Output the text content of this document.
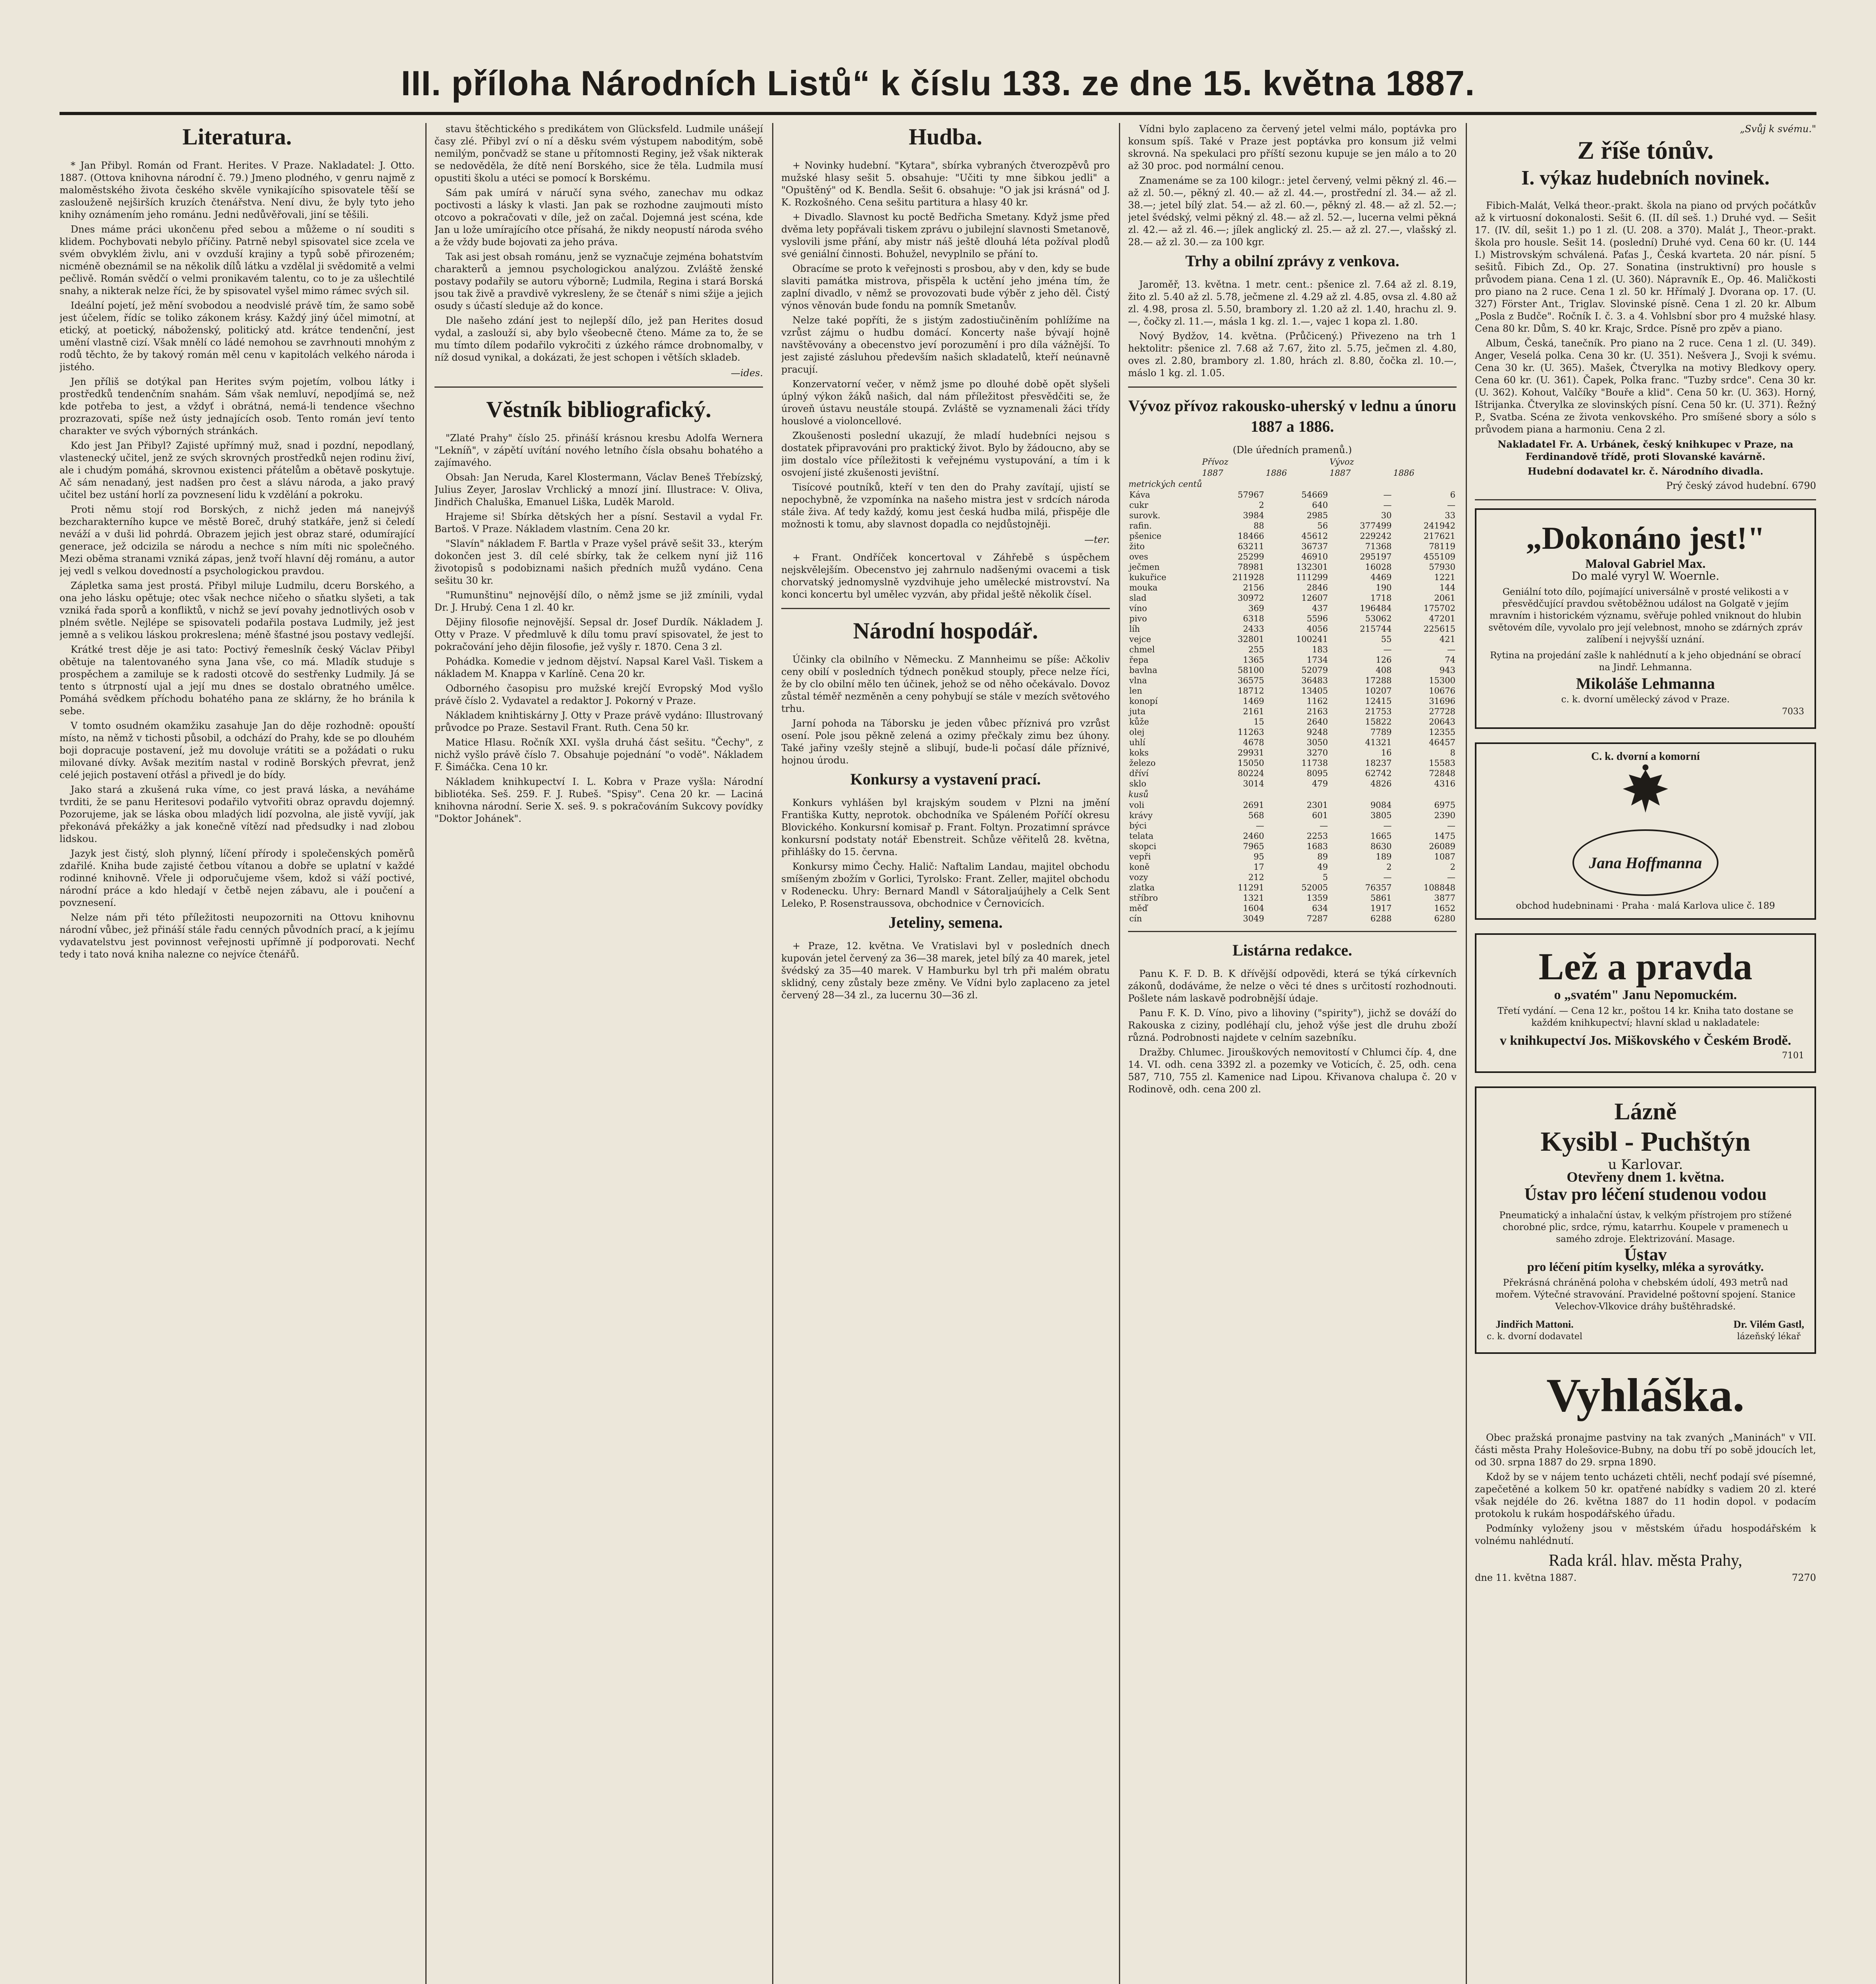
III. příloha Národních Listů“ k číslu 133. ze dne 15. května 1887.
Literatura.

* Jan Přibyl. Román od Frant. Herites. V Praze. Nakladatel: J. Otto. 1887. (Ottova knihovna národní č. 79.) Jmeno plodného, v genru najmě z maloměstského života českého skvěle vynikajícího spisovatele těší se zaslouženě nejširších kruzích čtenářstva. Není divu, že byly tyto jeho knihy oznámením jeho románu. Jedni nedůvěřovali, jiní se těšili.

Dnes máme práci ukončenu před sebou a můžeme o ní souditi s klidem. Pochybovati nebylo příčiny. Patrně nebyl spisovatel sice zcela ve svém obvyklém živlu, ani v ovzduší krajiny a typů sobě přirozeném; nicméně obeznámil se na několik dílů látku a vzdělal ji svědomitě a velmi pečlivě. Román svědčí o velmi pronikavém talentu, co to je za ušlechtilé snahy, a nikterak nelze říci, že by spisovatel vyšel mimo rámec svých sil.

Ideální pojetí, jež mění svobodou a neodvislé právě tím, že samo sobě jest účelem, řídíc se toliko zákonem krásy. Každý jiný účel mimotní, at etický, at poetický, náboženský, politický atd. krátce tendenční, jest umění vlastně cizí. Však mnělí co ládé nemohou se zavrhnouti mnohým z rodů těchto, že by takový román měl cenu v kapitolách velkého národa i jistého.

Jen příliš se dotýkal pan Herites svým pojetím, volbou látky i prostředků tendenčním snahám. Sám však nemluví, nepodjímá se, než kde potřeba to jest, a vždyť i obrátná, nemá-li tendence všechno prozrazovati, spíše než ústy jednajících osob. Tento román jeví tento charakter ve svých výborných stránkách.

Kdo jest Jan Přibyl? Zajisté upřímný muž, snad i pozdní, nepodlaný, vlastenecký učitel, jenž ze svých skrovných prostředků nejen rodinu živí, ale i chudým pomáhá, skrovnou existenci přátelům a obětavě poskytuje. Ač sám nenadaný, jest nadšen pro čest a slávu národa, a jako pravý učitel bez ustání horlí za povznesení lidu k vzdělání a pokroku.

Proti němu stojí rod Borských, z nichž jeden má nanejvýš bezcharakterního kupce ve městě Boreč, druhý statkáře, jenž si čeledí neváží a v duši lid pohrdá. Obrazem jejich jest obraz staré, odumírající generace, jež odcizila se národu a nechce s ním míti nic společného. Mezi oběma stranami vzniká zápas, jenž tvoří hlavní děj románu, a autor jej vedl s velkou dovedností a psychologickou pravdou.

Zápletka sama jest prostá. Přibyl miluje Ludmilu, dceru Borského, a ona jeho lásku opětuje; otec však nechce ničeho o sňatku slyšeti, a tak vzniká řada sporů a konfliktů, v nichž se jeví povahy jednotlivých osob v plném světle. Nejlépe se spisovateli podařila postava Ludmily, jež jest jemně a s velikou láskou prokreslena; méně šťastné jsou postavy vedlejší.

Krátké trest děje je asi tato: Poctivý řemeslník český Václav Přibyl obětuje na talentovaného syna Jana vše, co má. Mladík studuje s prospěchem a zamiluje se k radosti otcově do sestřenky Ludmily. Já se tento s útrpností ujal a její mu dnes se dostalo obratného umělce. Pomáhá svědkem příchodu bohatého pana ze sklárny, že ho bránila k sebe.

V tomto osudném okamžiku zasahuje Jan do děje rozhodně: opouští místo, na němž v tichosti působil, a odchází do Prahy, kde se po dlouhém boji dopracuje postavení, jež mu dovoluje vrátiti se a požádati o ruku milované dívky. Avšak mezitím nastal v rodině Borských převrat, jenž celé jejich postavení otřásl a přivedl je do bídy.

Jako stará a zkušená ruka víme, co jest pravá láska, a neváháme tvrditi, že se panu Heritesovi podařilo vytvořiti obraz opravdu dojemný. Pozorujeme, jak se láska obou mladých lidí pozvolna, ale jistě vyvíjí, jak překonává překážky a jak konečně vítězí nad předsudky i nad zlobou lidskou.

Jazyk jest čistý, sloh plynný, líčení přírody i společenských poměrů zdařilé. Kniha bude zajisté četbou vítanou a dobře se uplatní v každé rodinné knihovně. Vřele ji odporučujeme všem, kdož si váží poctivé, národní práce a kdo hledají v četbě nejen zábavu, ale i poučení a povznesení.

Nelze nám při této příležitosti neupozorniti na Ottovu knihovnu národní vůbec, jež přináší stále řadu cenných původních prací, a k jejímu vydavatelstvu jest povinnost veřejnosti upřímně jí podporovati. Nechť tedy i tato nová kniha nalezne co nejvíce čtenářů.

stavu štěchtického s predikátem von Glücksfeld. Ludmile unášejí časy zlé. Přibyl zví o ní a děsku svém výstupem naboditým, sobě nemilým, pončvadž se stane u přítomnosti Reginy, jež však nikterak se nedověděla, že dítě není Borského, sice že těla. Ludmila musí opustiti školu a utéci se pomocí k Borskému.

Sám pak umírá v náručí syna svého, zanechav mu odkaz poctivosti a lásky k vlasti. Jan pak se rozhodne zaujmouti místo otcovo a pokračovati v díle, jež on začal. Dojemná jest scéna, kde Jan u lože umírajícího otce přísahá, že nikdy neopustí národa svého a že vždy bude bojovati za jeho práva.

Tak asi jest obsah románu, jenž se vyznačuje zejména bohatstvím charakterů a jemnou psychologickou analýzou. Zvláště ženské postavy podařily se autoru výborně; Ludmila, Regina i stará Borská jsou tak živě a pravdivě vykresleny, že se čtenář s nimi sžije a jejich osudy s účastí sleduje až do konce.

Dle našeho zdání jest to nejlepší dílo, jež pan Herites dosud vydal, a zaslouží si, aby bylo všeobecně čteno. Máme za to, že se mu tímto dílem podařilo vykročiti z úzkého rámce drobnomalby, v níž dosud vynikal, a dokázati, že jest schopen i větších skladeb.

—ides.
Věstník bibliografický.

"Zlaté Prahy" číslo 25. přináší krásnou kresbu Adolfa Wernera "Lekníň", v zápětí uvítání nového letního čísla obsahu bohatého a zajímavého.

Obsah: Jan Neruda, Karel Klostermann, Václav Beneš Třebízský, Julius Zeyer, Jaroslav Vrchlický a mnozí jiní. Illustrace: V. Oliva, Jindřich Chaluška, Emanuel Liška, Luděk Marold.

Hrajeme si! Sbírka dětských her a písní. Sestavil a vydal Fr. Bartoš. V Praze. Nákladem vlastním. Cena 20 kr.

"Slavín" nákladem F. Bartla v Praze vyšel právě sešit 33., kterým dokončen jest 3. díl celé sbírky, tak že celkem nyní již 116 životopisů s podobiznami našich předních mužů vydáno. Cena sešitu 30 kr.

"Rumunštinu" nejnovější dílo, o němž jsme se již zmínili, vydal Dr. J. Hrubý. Cena 1 zl. 40 kr.

Dějiny filosofie nejnovější. Sepsal dr. Josef Durdík. Nákladem J. Otty v Praze. V předmluvě k dílu tomu praví spisovatel, že jest to pokračování jeho dějin filosofie, jež vyšly r. 1870. Cena 3 zl.

Pohádka. Komedie v jednom dějství. Napsal Karel Vašl. Tiskem a nákladem M. Knappa v Karlíně. Cena 20 kr.

Odborného časopisu pro mužské krejčí Evropský Mod vyšlo právě číslo 2. Vydavatel a redaktor J. Pokorný v Praze.

Nákladem knihtiskárny J. Otty v Praze právě vydáno: Illustrovaný průvodce po Praze. Sestavil Frant. Ruth. Cena 50 kr.

Matice Hlasu. Ročník XXI. vyšla druhá část sešitu. "Čechy", z nichž vyšlo právě číslo 7. Obsahuje pojednání "o vodě". Nákladem F. Šimáčka. Cena 10 kr.

Nákladem knihkupectví I. L. Kobra v Praze vyšla: Národní bibliotéka. Seš. 259. F. J. Rubeš. "Spisy". Cena 20 kr. — Laciná knihovna národní. Serie X. seš. 9. s pokračováním Sukcovy povídky "Doktor Johánek".

Hudba.

+ Novinky hudební. "Kytara", sbírka vybraných čtverozpěvů pro mužské hlasy sešit 5. obsahuje: "Učiti ty mne šibkou jedli" a "Opuštěný" od K. Bendla. Sešit 6. obsahuje: "O jak jsi krásná" od J. K. Rozkošného. Cena sešitu partitura a hlasy 40 kr.

+ Divadlo. Slavnost ku poctě Bedřicha Smetany. Když jsme před dvěma lety popřávali tiskem zprávu o jubilejní slavnosti Smetanově, vyslovili jsme přání, aby mistr náš ještě dlouhá léta požíval plodů své geniální činnosti. Bohužel, nevyplnilo se přání to.

Obracíme se proto k veřejnosti s prosbou, aby v den, kdy se bude slaviti památka mistrova, přispěla k uctění jeho jména tím, že zaplní divadlo, v němž se provozovati bude výběr z jeho děl. Čistý výnos věnován bude fondu na pomník Smetanův.

Nelze také popříti, že s jistým zadostiučiněním pohlížíme na vzrůst zájmu o hudbu domácí. Koncerty naše bývají hojně navštěvovány a obecenstvo jeví porozumění i pro díla vážnější. To jest zajisté zásluhou především našich skladatelů, kteří neúnavně pracují.

Konzervatorní večer, v němž jsme po dlouhé době opět slyšeli úplný výkon žáků našich, dal nám příležitost přesvědčiti se, že úroveň ústavu neustále stoupá. Zvláště se vyznamenali žáci třídy houslové a violoncellové.

Zkoušenosti poslední ukazují, že mladí hudebníci nejsou s dostatek připravováni pro praktický život. Bylo by žádoucno, aby se jim dostalo více příležitosti k veřejnému vystupování, a tím i k osvojení jisté zkušenosti jevištní.

Tisícové poutníků, kteří v ten den do Prahy zavítají, ujistí se nepochybně, že vzpomínka na našeho mistra jest v srdcích národa stále živa. Ať tedy každý, komu jest česká hudba milá, přispěje dle možnosti k tomu, aby slavnost dopadla co nejdůstojněji.

—ter.

+ Frant. Ondříček koncertoval v Záhřebě s úspěchem nejskvělejším. Obecenstvo jej zahrnulo nadšenými ovacemi a tisk chorvatský jednomyslně vyzdvihuje jeho umělecké mistrovství. Na konci koncertu byl umělec vyzván, aby přidal ještě několik čísel.

Národní hospodář.

Účinky cla obilního v Německu. Z Mannheimu se píše: Ačkoliv ceny obilí v posledních týdnech poněkud stouply, přece nelze říci, že by clo obilní mělo ten účinek, jehož se od něho očekávalo. Dovoz zůstal téměř nezměněn a ceny pohybují se stále v mezích světového trhu.

Jarní pohoda na Táborsku je jeden vůbec příznivá pro vzrůst osení. Pole jsou pěkně zelená a ozimy přečkaly zimu bez úhony. Také jařiny vzešly stejně a slibují, bude-li počasí dále příznivé, hojnou úrodu.

Konkursy a vystavení prací.

Konkurs vyhlášen byl krajským soudem v Plzni na jmění Františka Kutty, neprotok. obchodníka ve Spáleném Poříčí okresu Blovického. Konkursní komisař p. Frant. Foltyn. Prozatimní správce konkursní podstaty notář Ebenstreit. Schůze věřitelů 28. května, přihlášky do 15. června.

Konkursy mimo Čechy. Halič: Naftalim Landau, majitel obchodu smíšeným zbožím v Gorlici, Tyrolsko: Frant. Zeller, majitel obchodu v Rodenecku. Uhry: Bernard Mandl v Sátoraljaújhely a Celk Sent Leleko, P. Rosenstraussova, obchodnice v Černovicích.

Jeteliny, semena.

+ Praze, 12. května. Ve Vratislavi byl v posledních dnech kupován jetel červený za 36—38 marek, jetel bílý za 40 marek, jetel švédský za 35—40 marek. V Hamburku byl trh při malém obratu sklidný, ceny zůstaly beze změny. Ve Vídni bylo zaplaceno za jetel červený 28—34 zl., za lucernu 30—36 zl.

Vídni bylo zaplaceno za červený jetel velmi málo, poptávka pro konsum spíš. Také v Praze jest poptávka pro konsum již velmi skrovná. Na spekulaci pro příští sezonu kupuje se jen málo a to 20 až 30 proc. pod normální cenou.

Znamenáme se za 100 kilogr.: jetel červený, velmi pěkný zl. 46.— až zl. 50.—, pěkný zl. 40.— až zl. 44.—, prostřední zl. 34.— až zl. 38.—; jetel bílý zlat. 54.— až zl. 60.—, pěkný zl. 48.— až zl. 52.—; jetel švédský, velmi pěkný zl. 48.— až zl. 52.—, lucerna velmi pěkná zl. 42.— až zl. 46.—; jílek anglický zl. 25.— až zl. 27.—, vlašský zl. 28.— až zl. 30.— za 100 kgr.

Trhy a obilní zprávy z venkova.

Jaroměř, 13. května. 1 metr. cent.: pšenice zl. 7.64 až zl. 8.19, žito zl. 5.40 až zl. 5.78, ječmene zl. 4.29 až zl. 4.85, ovsa zl. 4.80 až zl. 4.98, prosa zl. 5.50, brambory zl. 1.20 až zl. 1.40, hrachu zl. 9.—, čočky zl. 11.—, másla 1 kg. zl. 1.—, vajec 1 kopa zl. 1.80.

Nový Bydžov, 14. května. (Průčicený.) Přivezeno na trh 1 hektolitr: pšenice zl. 7.68 až 7.67, žito zl. 5.75, ječmen zl. 4.80, oves zl. 2.80, brambory zl. 1.80, hrách zl. 8.80, čočka zl. 10.—, máslo 1 kg. zl. 1.05.

Vývoz přívoz rakousko-uherský v lednu a únoru 1887 a 1886.
(Dle úředních pramenů.)
	Přívoz		Vývoz	
	1887	1886	1887	1886
metrických centů				
Káva	57967	54669	—	6
cukr	2	640	—	—
surovk.	3984	2985	30	33
rafin.	88	56	377499	241942
pšenice	18466	45612	229242	217621
žito	63211	36737	71368	78119
oves	25299	46910	295197	455109
ječmen	78981	132301	16028	57930
kukuřice	211928	111299	4469	1221
mouka	2156	2846	190	144
slad	30972	12607	1718	2061
víno	369	437	196484	175702
pivo	6318	5596	53062	47201
líh	2433	4056	215744	225615
vejce	32801	100241	55	421
chmel	255	183	—	—
řepa	1365	1734	126	74
bavlna	58100	52079	408	943
vlna	36575	36483	17288	15300
len	18712	13405	10207	10676
konopí	1469	1162	12415	31696
juta	2161	2163	21753	27728
kůže	15	2640	15822	20643
olej	11263	9248	7789	12355
uhlí	4678	3050	41321	46457
koks	29931	3270	16	8
železo	15050	11738	18237	15583
dříví	80224	8095	62742	72848
sklo	3014	479	4826	4316
kusů				
voli	2691	2301	9084	6975
krávy	568	601	3805	2390
býci	—	—	—	—
telata	2460	2253	1665	1475
skopci	7965	1683	8630	26089
vepři	95	89	189	1087
koně	17	49	2	2
vozy	212	5	—	—
zlatka	11291	52005	76357	108848
stříbro	1321	1359	5861	3877
měď	1604	634	1917	1652
cín	3049	7287	6288	6280
Listárna redakce.

Panu K. F. D. B. K dřívější odpovědi, která se týká církevních zákonů, dodáváme, že nelze o věci té dnes s určitostí rozhodnouti. Pošlete nám laskavě podrobnější údaje.

Panu F. K. D. Víno, pivo a lihoviny ("spirity"), jichž se dováží do Rakouska z ciziny, podléhají clu, jehož výše jest dle druhu zboží různá. Podrobnosti najdete v celním sazebníku.

Dražby. Chlumec. Jirouškových nemovitostí v Chlumci číp. 4, dne 14. VI. odh. cena 3392 zl. a pozemky ve Voticích, č. 25, odh. cena 587, 710, 755 zl. Kamenice nad Lipou. Křivanova chalupa č. 20 v Rodinově, odh. cena 200 zl.

„Svůj k svému."
Z říše tónův.
I. výkaz hudebních novinek.

Fibich-Malát, Velká theor.-prakt. škola na piano od prvých počátkův až k virtuosní dokonalosti. Sešit 6. (II. díl seš. 1.) Druhé vyd. — Sešit 17. (IV. díl, sešit 1.) po 1 zl. (U. 208. a 370). Malát J., Theor.-prakt. škola pro housle. Sešit 14. (poslední) Druhé vyd. Cena 60 kr. (U. 144 I.) Mistrovským schválená. Paťas J., Česká kvarteta. 20 nár. písní. 5 sešitů. Fibich Zd., Op. 27. Sonatina (instruktivní) pro housle s průvodem piana. Cena 1 zl. (U. 360). Nápravník E., Op. 46. Maličkosti pro piano na 2 ruce. Cena 1 zl. 50 kr. Hřímalý J. Dvorana op. 17. (U. 327) Förster Ant., Triglav. Slovinské písně. Cena 1 zl. 20 kr. Album „Posla z Budče". Ročník I. č. 3. a 4. Vohlsbní sbor pro 4 mužské hlasy. Cena 80 kr. Dům, S. 40 kr. Krajc, Srdce. Písně pro zpěv a piano.

Album, Česká, tanečník. Pro piano na 2 ruce. Cena 1 zl. (U. 349). Anger, Veselá polka. Cena 30 kr. (U. 351). Nešvera J., Svoji k svému. Cena 30 kr. (U. 365). Mašek, Čtverylka na motivy Bledkovy opery. Cena 60 kr. (U. 361). Čapek, Polka franc. "Tuzby srdce". Cena 30 kr. (U. 362). Kohout, Valčíky "Bouře a klid". Cena 50 kr. (U. 363). Horný, Ištrijanka. Čtverylka ze slovinských písní. Cena 50 kr. (U. 371). Řežný P., Svatba. Scéna ze života venkovského. Pro smíšené sbory a sólo s průvodem piana a harmoniu. Cena 2 zl.

Nakladatel Fr. A. Urbánek, český knihkupec v Praze, na Ferdinandově třídě, proti Slovanské kavárně.

Hudební dodavatel kr. č. Národního divadla.

Prý český závod hudební. 6790
„Dokonáno jest!"
Maloval Gabriel Max.
Do malé vyryl W. Woernle.
Geniální toto dílo, pojímající universálně v prosté velikosti a v přesvědčující pravdou světoběžnou událost na Golgatě v jejím mravním i historickém významu, svěřuje pohled vniknout do hlubin světovém díle, vyvolalo pro její velebnost, mnoho se zdárných zpráv zalíbení i nejvyšší uznání.
Rytina na projedání zašle k nahlédnutí a k jeho objednání se obrací na Jindř. Lehmanna.
Mikoláše Lehmanna
c. k. dvorní umělecký závod v Praze.
7033
C. k. dvorní a komorní
Jana Hoffmanna
obchod hudebninami · Praha · malá Karlova ulice č. 189
Lež a pravda
o „svatém" Janu Nepomuckém.
Třetí vydání. — Cena 12 kr., poštou 14 kr. Kniha tato dostane se každém knihkupectví; hlavní sklad u nakladatele:
v knihkupectví Jos. Miškovského v Českém Brodě.
7101
Lázně
Kysibl - Puchštýn
u Karlovar.
Otevřeny dnem 1. května.
Ústav pro léčení studenou vodou
Pneumatický a inhalační ústav, k velkým přístrojem pro stížené chorobné plic, srdce, rýmu, katarrhu. Koupele v pramenech u samého zdroje. Elektrizování. Masage.
Ústav
pro léčení pitím kyselky, mléka a syrovátky.
Překrásná chráněná poloha v chebském údolí, 493 metrů nad mořem. Výtečné stravování. Pravidelné poštovní spojení. Stanice Velechov-Vlkovice dráhy buštěhradské.
Jindřich Mattoni.
c. k. dvorní dodavatel
Dr. Vilém Gastl,
lázeňský lékař
Vyhláška.

Obec pražská pronajme pastviny na tak zvaných „Maninách" v VII. části města Prahy Holešovice-Bubny, na dobu tří po sobě jdoucích let, od 30. srpna 1887 do 29. srpna 1890.

Kdož by se v nájem tento ucházeti chtěli, nechť podají své písemné, zapečetěné a kolkem 50 kr. opatřené nabídky s vadiem 20 zl. které však nejdéle do 26. května 1887 do 11 hodin dopol. v podacím protokolu k rukám hospodářského úřadu.

Podmínky vyloženy jsou v městském úřadu hospodářském k volnému nahlédnutí.

Rada král. hlav. města Prahy,
dne 11. května 1887.	7270
